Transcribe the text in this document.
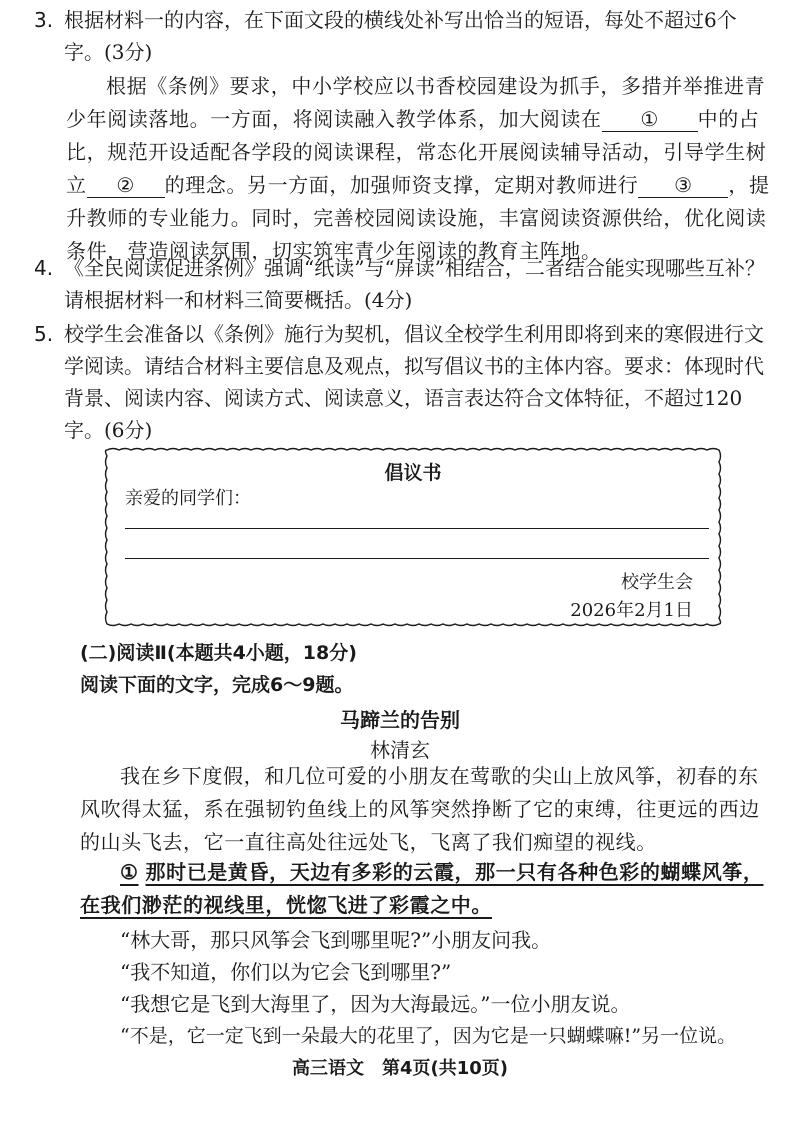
3. 根据材料一的内容，在下面文段的横线处补写出恰当的短语，每处不超过6个字。(3分)
根据《条例》要求，中小学校应以书香校园建设为抓手，多措并举推进青少年阅读落地。一方面，将阅读融入教学体系，加大阅读在 ① 中的占比，规范开设适配各学段的阅读课程，常态化开展阅读辅导活动，引导学生树立 ② 的理念。另一方面，加强师资支撑，定期对教师进行 ③ ，提升教师的专业能力。同时，完善校园阅读设施，丰富阅读资源供给，优化阅读条件，营造阅读氛围，切实筑牢青少年阅读的教育主阵地。
4. 《全民阅读促进条例》强调“纸读”与“屏读”相结合，二者结合能实现哪些互补？请根据材料一和材料三简要概括。(4分)
5. 校学生会准备以《条例》施行为契机，倡议全校学生利用即将到来的寒假进行文学阅读。请结合材料主要信息及观点，拟写倡议书的主体内容。要求：体现时代背景、阅读内容、阅读方式、阅读意义，语言表达符合文体特征，不超过120字。(6分)
倡议书
亲爱的同学们：
校学生会
2026年2月1日
(二)阅读Ⅱ(本题共4小题，18分)
阅读下面的文字，完成6～9题。
马蹄兰的告别
林清玄
我在乡下度假，和几位可爱的小朋友在莺歌的尖山上放风筝，初春的东风吹得太猛，系在强韧钓鱼线上的风筝突然挣断了它的束缚，往更远的西边的山头飞去，它一直往高处往远处飞，飞离了我们痴望的视线。
① 那时已是黄昏，天边有多彩的云霞，那一只有各种色彩的蝴蝶风筝，在我们渺茫的视线里，恍惚飞进了彩霞之中。
“林大哥，那只风筝会飞到哪里呢?”小朋友问我。
“我不知道，你们以为它会飞到哪里?”
“我想它是飞到大海里了，因为大海最远。”一位小朋友说。
“不是，它一定飞到一朵最大的花里了，因为它是一只蝴蝶嘛!”另一位说。
高三语文　第4页(共10页)
